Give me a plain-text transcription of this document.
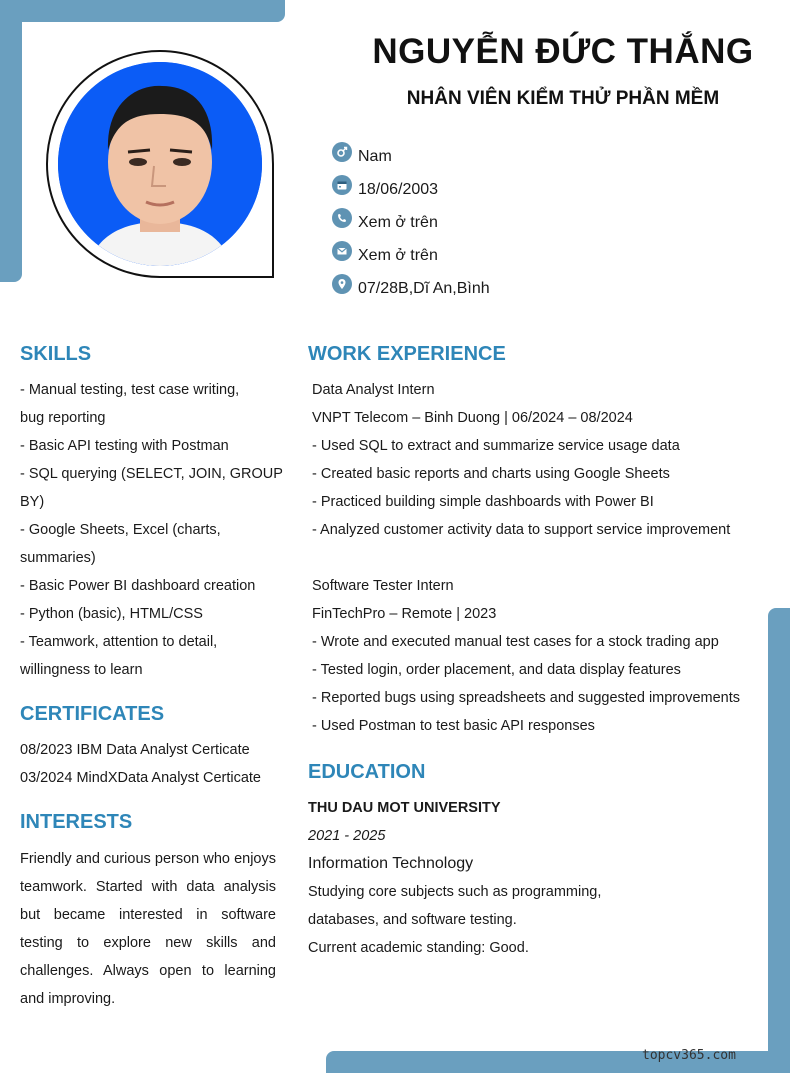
NGUYỄN ĐỨC THẮNG
NHÂN VIÊN KIỂM THỬ PHẦN MỀM
Nam
18/06/2003
Xem ở trên
Xem ở trên
07/28B,Dĩ An,Bình
SKILLS
- Manual testing, test case writing,
bug reporting
- Basic API testing with Postman
- SQL querying (SELECT, JOIN, GROUP
BY)
- Google Sheets, Excel (charts,
summaries)
- Basic Power BI dashboard creation
- Python (basic), HTML/CSS
- Teamwork, attention to detail,
willingness to learn
CERTIFICATES
08/2023 IBM Data Analyst Certicate
03/2024 MindXData Analyst Certicate
INTERESTS
Friendly and curious person who enjoys teamwork. Started with data analysis but became interested in software testing to explore new skills and challenges. Always open to learning and improving.
WORK EXPERIENCE
Data Analyst Intern
VNPT Telecom – Binh Duong | 06/2024 – 08/2024
- Used SQL to extract and summarize service usage data
- Created basic reports and charts using Google Sheets
- Practiced building simple dashboards with Power BI
- Analyzed customer activity data to support service improvement
Software Tester Intern
FinTechPro – Remote | 2023
- Wrote and executed manual test cases for a stock trading app
- Tested login, order placement, and data display features
- Reported bugs using spreadsheets and suggested improvements
- Used Postman to test basic API responses
EDUCATION
THU DAU MOT UNIVERSITY
2021 - 2025
Information Technology
Studying core subjects such as programming,
databases, and software testing.
Current academic standing: Good.
topcv365.com
